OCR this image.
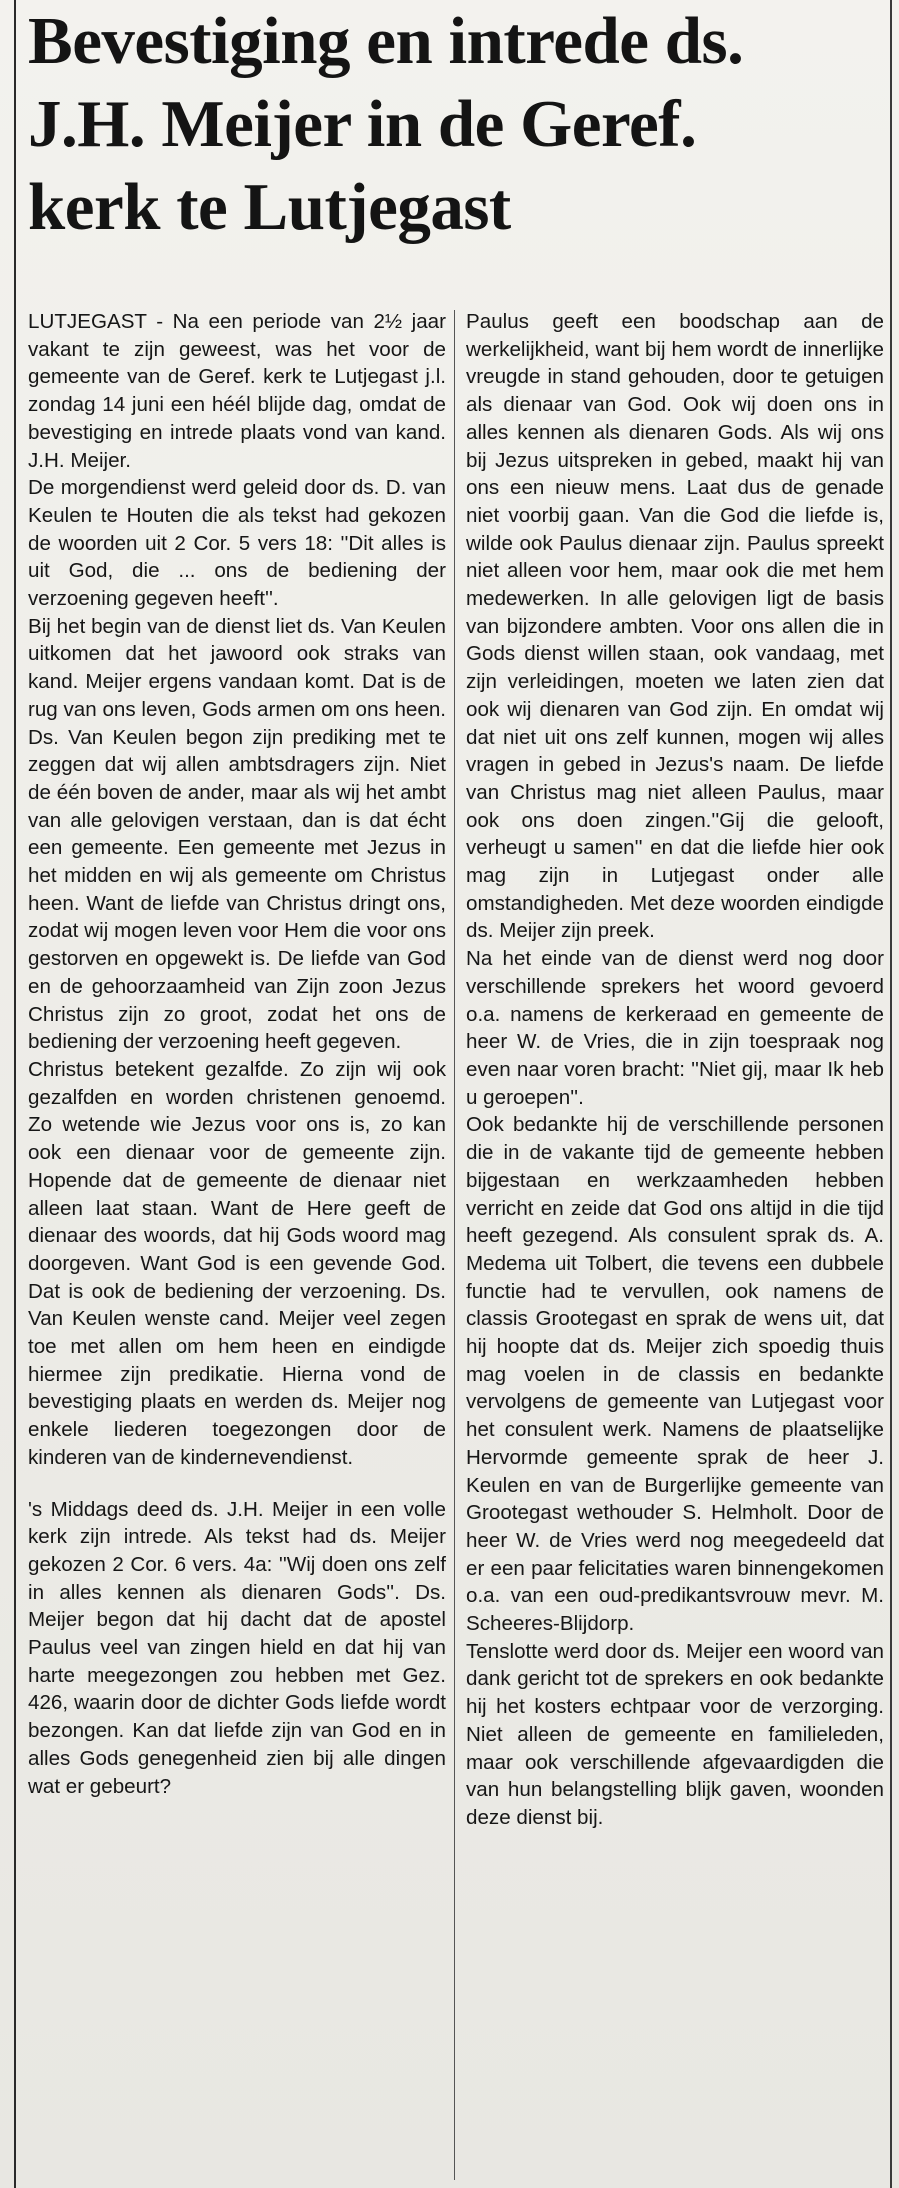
Bevestiging en intrede ds.
J.H. Meijer in de Geref.
kerk te Lutjegast

LUTJEGAST - Na een periode van 2½ jaar vakant te zijn geweest, was het voor de gemeente van de Geref. kerk te Lutjegast j.l. zondag 14 juni een héél blijde dag, omdat de bevestiging en intrede plaats vond van kand. J.H. Meijer.

De morgendienst werd geleid door ds. D. van Keulen te Houten die als tekst had gekozen de woorden uit 2 Cor. 5 vers 18: ''Dit alles is uit God, die ... ons de bediening der verzoening gegeven heeft''.

Bij het begin van de dienst liet ds. Van Keulen uitkomen dat het jawoord ook straks van kand. Meijer ergens vandaan komt. Dat is de rug van ons leven, Gods armen om ons heen. Ds. Van Keulen begon zijn prediking met te zeggen dat wij allen ambtsdragers zijn. Niet de één boven de ander, maar als wij het ambt van alle gelovigen verstaan, dan is dat écht een gemeente. Een gemeente met Jezus in het midden en wij als gemeente om Christus heen. Want de liefde van Christus dringt ons, zodat wij mogen leven voor Hem die voor ons gestorven en opgewekt is. De liefde van God en de gehoorzaamheid van Zijn zoon Jezus Christus zijn zo groot, zodat het ons de bediening der verzoening heeft gegeven.

Christus betekent gezalfde. Zo zijn wij ook gezalfden en worden christenen genoemd. Zo wetende wie Jezus voor ons is, zo kan ook een dienaar voor de gemeente zijn. Hopende dat de gemeente de dienaar niet alleen laat staan. Want de Here geeft de dienaar des woords, dat hij Gods woord mag doorgeven. Want God is een gevende God. Dat is ook de bediening der verzoening. Ds. Van Keulen wenste cand. Meijer veel zegen toe met allen om hem heen en eindigde hiermee zijn predikatie. Hierna vond de bevestiging plaats en werden ds. Meijer nog enkele liederen toegezongen door de kinderen van de kindernevendienst.

's Middags deed ds. J.H. Meijer in een volle kerk zijn intrede. Als tekst had ds. Meijer gekozen 2 Cor. 6 vers. 4a: ''Wij doen ons zelf in alles kennen als dienaren Gods''. Ds. Meijer begon dat hij dacht dat de apostel Paulus veel van zingen hield en dat hij van harte meegezongen zou hebben met Gez. 426, waarin door de dichter Gods liefde wordt bezongen. Kan dat liefde zijn van God en in alles Gods genegenheid zien bij alle dingen wat er gebeurt?

Paulus geeft een boodschap aan de werkelijkheid, want bij hem wordt de innerlijke vreugde in stand gehouden, door te getuigen als dienaar van God. Ook wij doen ons in alles kennen als dienaren Gods. Als wij ons bij Jezus uitspreken in gebed, maakt hij van ons een nieuw mens. Laat dus de genade niet voorbij gaan. Van die God die liefde is, wilde ook Paulus dienaar zijn. Paulus spreekt niet alleen voor hem, maar ook die met hem medewerken. In alle gelovigen ligt de basis van bijzondere ambten. Voor ons allen die in Gods dienst willen staan, ook vandaag, met zijn verleidingen, moeten we laten zien dat ook wij dienaren van God zijn. En omdat wij dat niet uit ons zelf kunnen, mogen wij alles vragen in gebed in Jezus's naam. De liefde van Christus mag niet alleen Paulus, maar ook ons doen zingen.''Gij die gelooft, verheugt u samen'' en dat die liefde hier ook mag zijn in Lutjegast onder alle omstandigheden. Met deze woorden eindigde ds. Meijer zijn preek.

Na het einde van de dienst werd nog door verschillende sprekers het woord gevoerd o.a. namens de kerkeraad en gemeente de heer W. de Vries, die in zijn toespraak nog even naar voren bracht: ''Niet gij, maar Ik heb u geroepen''.

Ook bedankte hij de verschillende personen die in de vakante tijd de gemeente hebben bijgestaan en werkzaamheden hebben verricht en zeide dat God ons altijd in die tijd heeft gezegend. Als consulent sprak ds. A. Medema uit Tolbert, die tevens een dubbele functie had te vervullen, ook namens de classis Grootegast en sprak de wens uit, dat hij hoopte dat ds. Meijer zich spoedig thuis mag voelen in de classis en bedankte vervolgens de gemeente van Lutjegast voor het consulent werk. Namens de plaatselijke Hervormde gemeente sprak de heer J. Keulen en van de Burgerlijke gemeente van Grootegast wethouder S. Helmholt. Door de heer W. de Vries werd nog meegedeeld dat er een paar felicitaties waren binnengekomen o.a. van een oud-predikantsvrouw mevr. M. Scheeres-Blijdorp.

Tenslotte werd door ds. Meijer een woord van dank gericht tot de sprekers en ook bedankte hij het kosters echtpaar voor de verzorging. Niet alleen de gemeente en familieleden, maar ook verschillende afgevaardigden die van hun belangstelling blijk gaven, woonden deze dienst bij.
